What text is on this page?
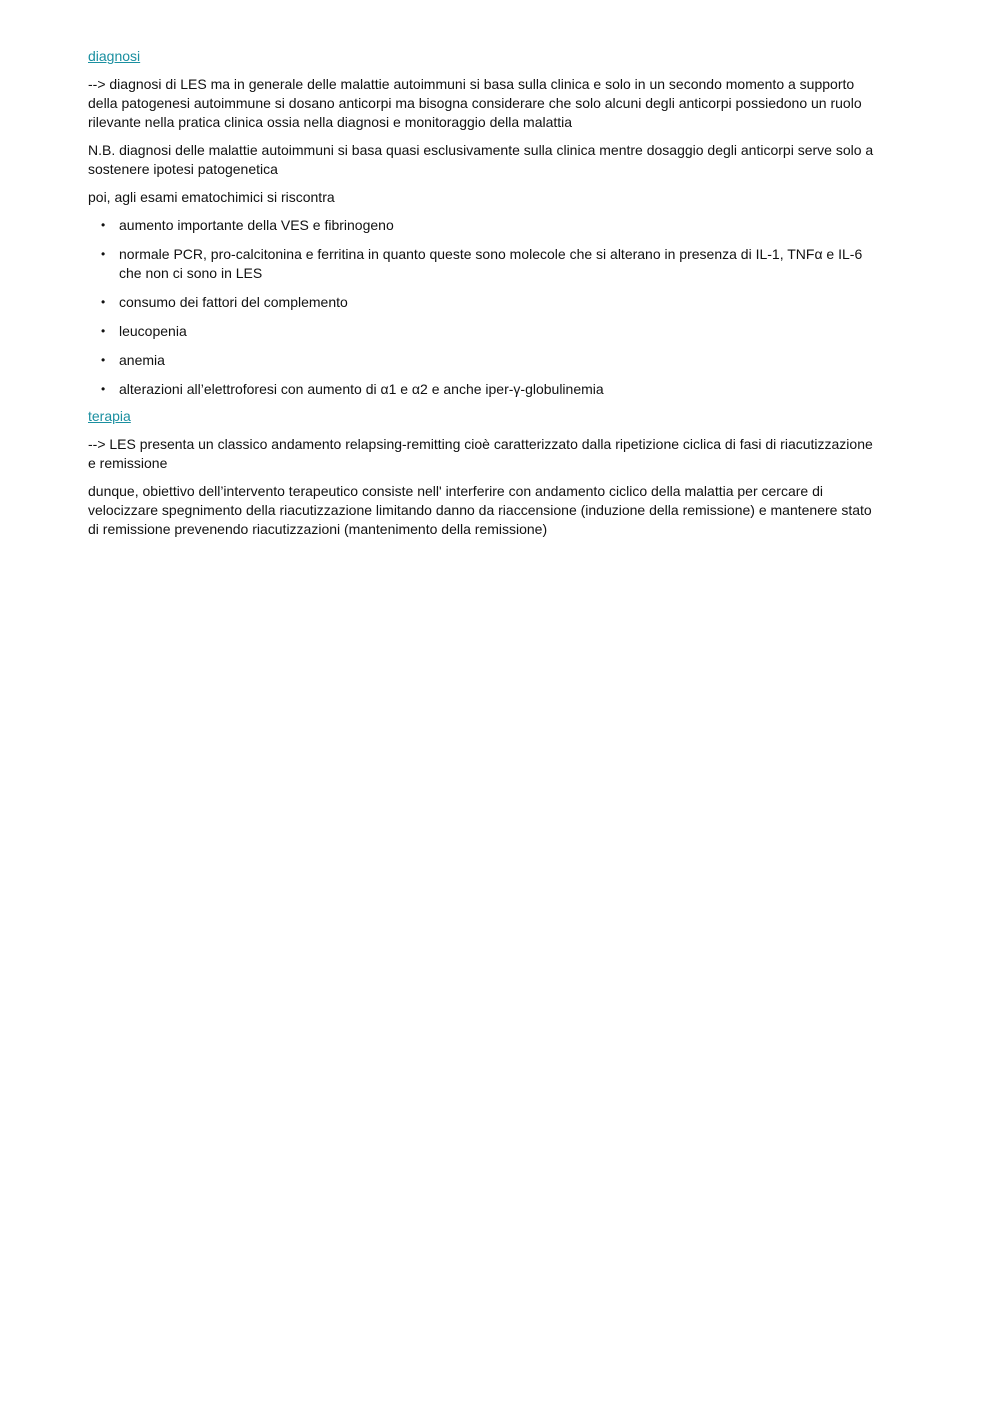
diagnosi

--> diagnosi di LES ma in generale delle malattie autoimmuni si basa sulla clinica e solo in un secondo momento a supporto della patogenesi autoimmune si dosano anticorpi ma bisogna considerare che solo alcuni degli anticorpi possiedono un ruolo rilevante nella pratica clinica ossia nella diagnosi e monitoraggio della malattia

N.B. diagnosi delle malattie autoimmuni si basa quasi esclusivamente sulla clinica mentre dosaggio degli anticorpi serve solo a sostenere ipotesi patogenetica

poi, agli esami ematochimici si riscontra

• aumento importante della VES e fibrinogeno
• normale PCR, pro-calcitonina e ferritina in quanto queste sono molecole che si alterano in presenza di IL-1, TNFα e IL-6 che non ci sono in LES
• consumo dei fattori del complemento
• leucopenia
• anemia
• alterazioni all’elettroforesi con aumento di α1 e α2 e anche iper-γ-globulinemia
terapia

--> LES presenta un classico andamento relapsing-remitting cioè caratterizzato dalla ripetizione ciclica di fasi di riacutizzazione e remissione

dunque, obiettivo dell’intervento terapeutico consiste nell' interferire con andamento ciclico della malattia per cercare di velocizzare spegnimento della riacutizzazione limitando danno da riaccensione (induzione della remissione) e mantenere stato di remissione prevenendo riacutizzazioni (mantenimento della remissione)
